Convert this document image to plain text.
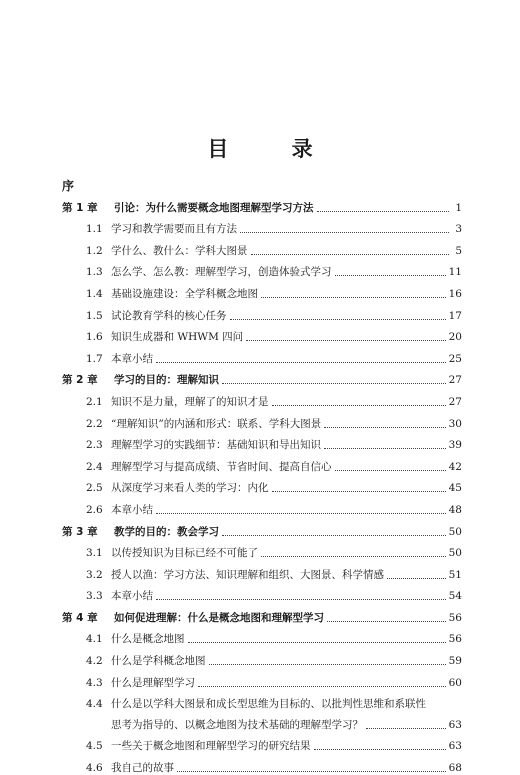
目 录
序
第 1 章	引论：为什么需要概念地图理解型学习方法	1
1.1 学习和教学需要而且有方法	3
1.2 学什么、教什么：学科大图景	5
1.3 怎么学、怎么教：理解型学习，创造体验式学习	11
1.4 基础设施建设：全学科概念地图	16
1.5 试论教育学科的核心任务	17
1.6 知识生成器和 WHWM 四问	20
1.7 本章小结	25
第 2 章	学习的目的：理解知识	27
2.1 知识不是力量，理解了的知识才是	27
2.2 “理解知识”的内涵和形式：联系、学科大图景	30
2.3 理解型学习的实践细节：基础知识和导出知识	39
2.4 理解型学习与提高成绩、节省时间、提高自信心	42
2.5 从深度学习来看人类的学习：内化	45
2.6 本章小结	48
第 3 章	教学的目的：教会学习	50
3.1 以传授知识为目标已经不可能了	50
3.2 授人以渔：学习方法、知识理解和组织、大图景、科学情感	51
3.3 本章小结	54
第 4 章	如何促进理解：什么是概念地图和理解型学习	56
4.1 什么是概念地图	56
4.2 什么是学科概念地图	59
4.3 什么是理解型学习	60
4.4 什么是以学科大图景和成长型思维为目标的、以批判性思维和系联性
思考为指导的、以概念地图为技术基础的理解型学习？	63
4.5 一些关于概念地图和理解型学习的研究结果	63
4.6 我自己的故事	68
